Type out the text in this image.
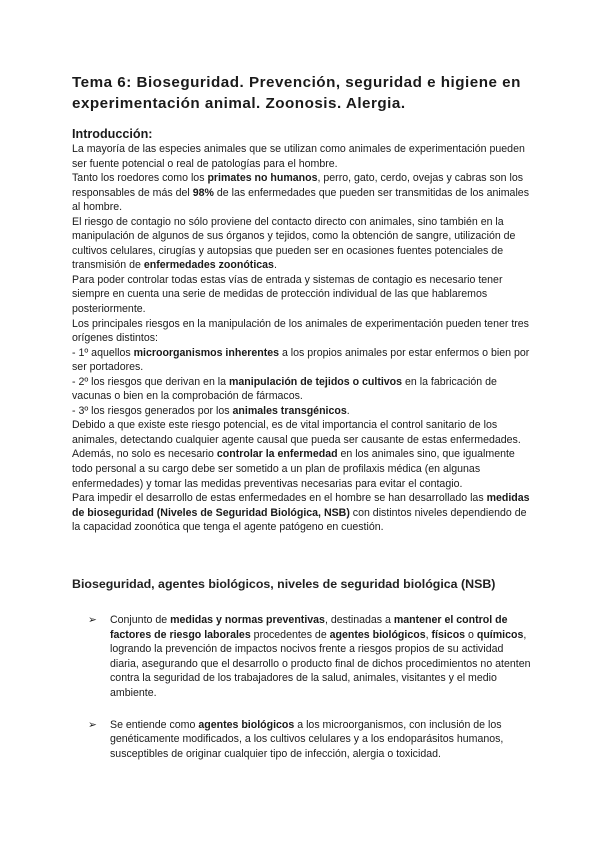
Tema 6: Bioseguridad. Prevención, seguridad e higiene en experimentación animal. Zoonosis. Alergia.
Introducción:

La mayoría de las especies animales que se utilizan como animales de experimentación pueden ser fuente potencial o real de patologías para el hombre.

Tanto los roedores como los primates no humanos, perro, gato, cerdo, ovejas y cabras son los responsables de más del 98% de las enfermedades que pueden ser transmitidas de los animales al hombre.

El riesgo de contagio no sólo proviene del contacto directo con animales, sino también en la manipulación de algunos de sus órganos y tejidos, como la obtención de sangre, utilización de cultivos celulares, cirugías y autopsias que pueden ser en ocasiones fuentes potenciales de transmisión de enfermedades zoonóticas.

Para poder controlar todas estas vías de entrada y sistemas de contagio es necesario tener siempre en cuenta una serie de medidas de protección individual de las que hablaremos posteriormente.

Los principales riesgos en la manipulación de los animales de experimentación pueden tener tres orígenes distintos:

- 1º aquellos microorganismos inherentes a los propios animales por estar enfermos o bien por ser portadores.

- 2º los riesgos que derivan en la manipulación de tejidos o cultivos en la fabricación de vacunas o bien en la comprobación de fármacos.

- 3º los riesgos generados por los animales transgénicos.

Debido a que existe este riesgo potencial, es de vital importancia el control sanitario de los animales, detectando cualquier agente causal que pueda ser causante de estas enfermedades. Además, no solo es necesario controlar la enfermedad en los animales sino, que igualmente todo personal a su cargo debe ser sometido a un plan de profilaxis médica (en algunas enfermedades) y tomar las medidas preventivas necesarias para evitar el contagio.

Para impedir el desarrollo de estas enfermedades en el hombre se han desarrollado las medidas de bioseguridad (Niveles de Seguridad Biológica, NSB) con distintos niveles dependiendo de la capacidad zoonótica que tenga el agente patógeno en cuestión.

Bioseguridad, agentes biológicos, niveles de seguridad biológica (NSB)
➢ Conjunto de medidas y normas preventivas, destinadas a mantener el control de factores de riesgo laborales procedentes de agentes biológicos, físicos o químicos, logrando la prevención de impactos nocivos frente a riesgos propios de su actividad diaria, asegurando que el desarrollo o producto final de dichos procedimientos no atenten contra la seguridad de los trabajadores de la salud, animales, visitantes y el medio ambiente.
➢ Se entiende como agentes biológicos a los microorganismos, con inclusión de los genéticamente modificados, a los cultivos celulares y a los endoparásitos humanos, susceptibles de originar cualquier tipo de infección, alergia o toxicidad.
